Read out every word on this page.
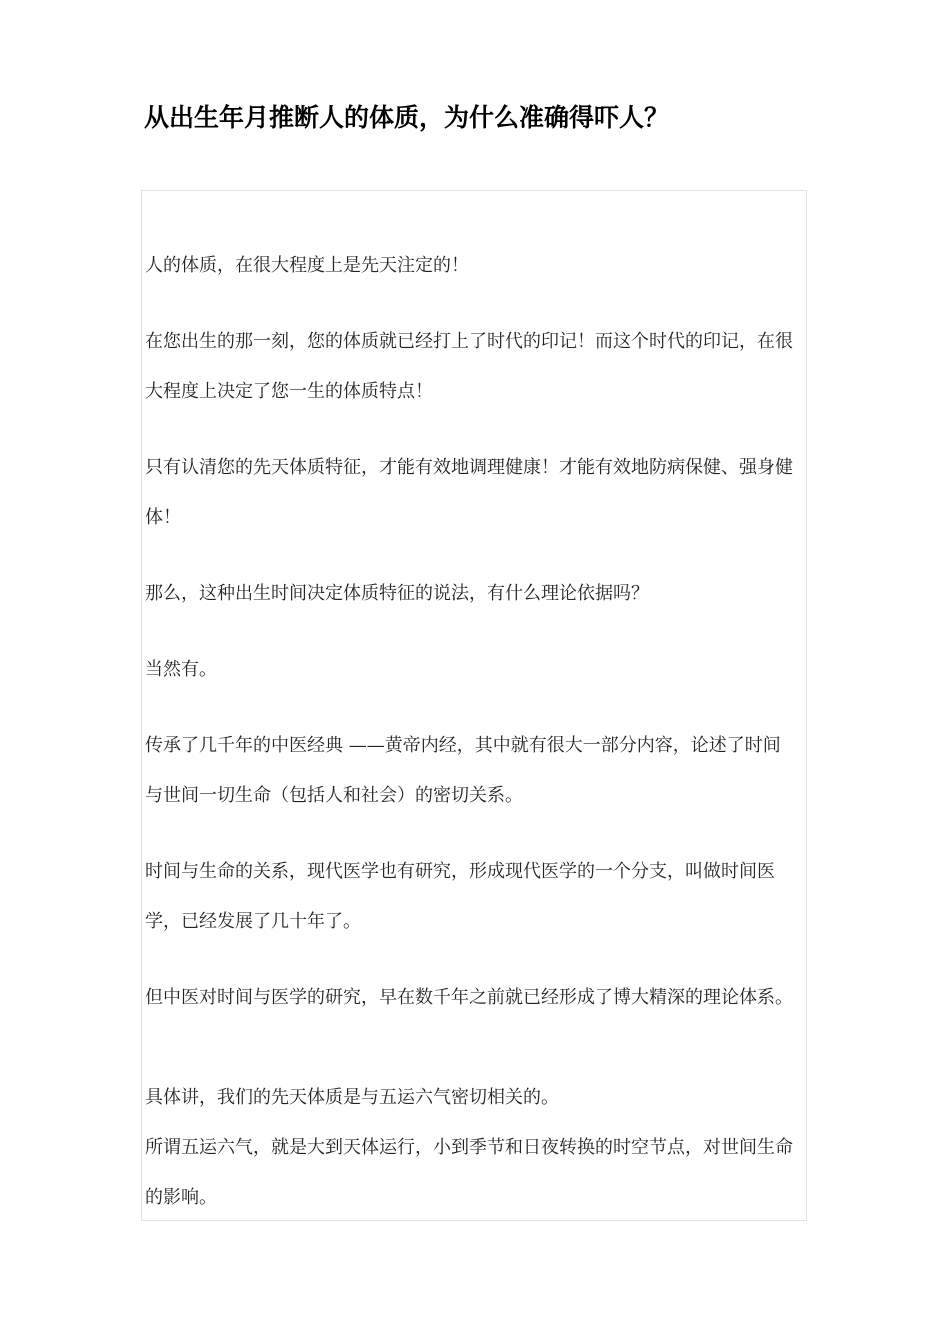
从出生年月推断人的体质，为什么准确得吓人？

人的体质，在很大程度上是先天注定的！

在您出生的那一刻，您的体质就已经打上了时代的印记！而这个时代的印记，在很大程度上决定了您一生的体质特点！

只有认清您的先天体质特征，才能有效地调理健康！才能有效地防病保健、强身健体！

那么，这种出生时间决定体质特征的说法，有什么理论依据吗？

当然有。

传承了几千年的中医经典 ——黄帝内经，其中就有很大一部分内容，论述了时间与世间一切生命（包括人和社会）的密切关系。

时间与生命的关系，现代医学也有研究，形成现代医学的一个分支，叫做时间医学，已经发展了几十年了。

但中医对时间与医学的研究，早在数千年之前就已经形成了博大精深的理论体系。

具体讲，我们的先天体质是与五运六气密切相关的。

所谓五运六气，就是大到天体运行，小到季节和日夜转换的时空节点，对世间生命的影响。
